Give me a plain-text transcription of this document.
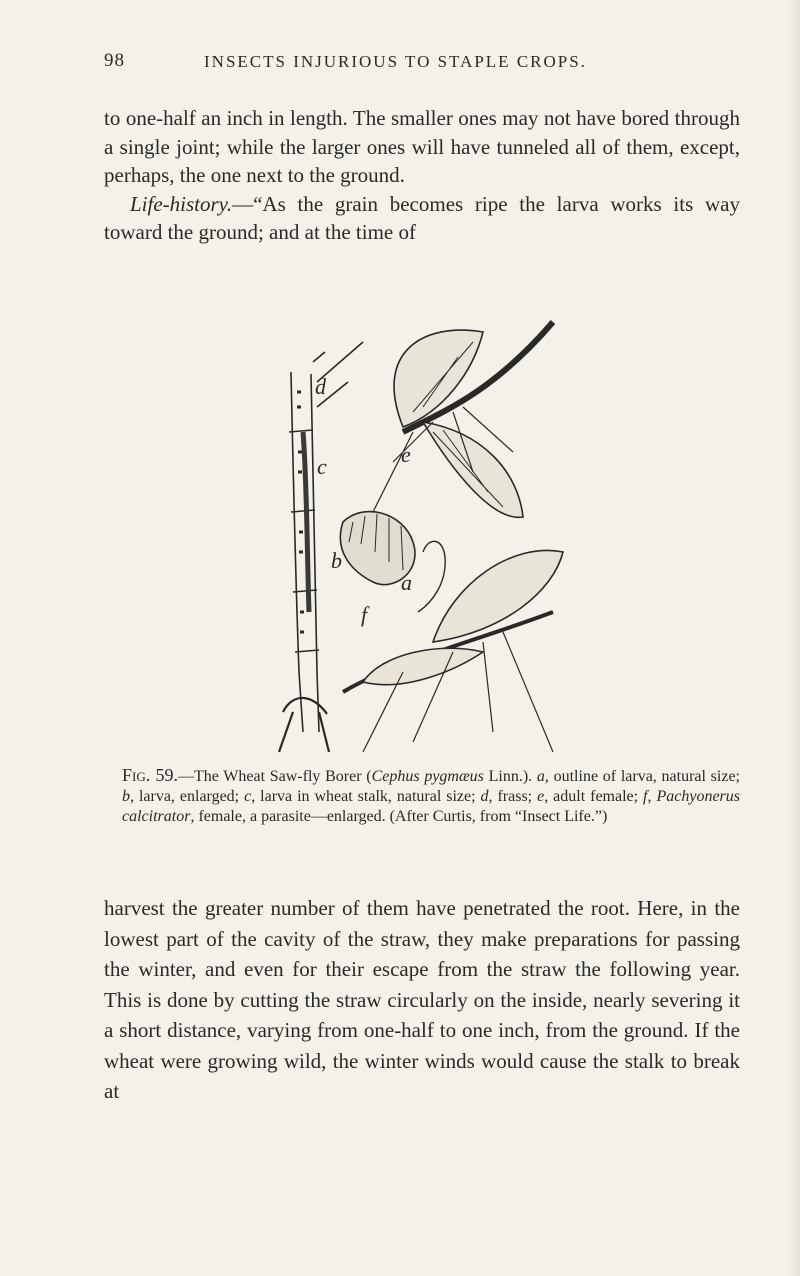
98	INSECTS INJURIOUS TO STAPLE CROPS.

to one-half an inch in length. The smaller ones may not have bored through a single joint; while the larger ones will have tunneled all of them, except, perhaps, the one next to the ground.

Life-history.—“As the grain becomes ripe the larva works its way toward the ground; and at the time of

d
c	e
b
a
f

Fig. 59.—The Wheat Saw-fly Borer (Cephus pygmæus Linn.). a, outline of larva, natural size; b, larva, enlarged; c, larva in wheat stalk, natural size; d, frass; e, adult female; f, Pachyonerus calcitrator, female, a parasite—enlarged. (After Curtis, from “Insect Life.”)

harvest the greater number of them have penetrated the root. Here, in the lowest part of the cavity of the straw, they make preparations for passing the winter, and even for their escape from the straw the following year. This is done by cutting the straw circularly on the inside, nearly severing it a short distance, varying from one-half to one inch, from the ground. If the wheat were growing wild, the winter winds would cause the stalk to break at
